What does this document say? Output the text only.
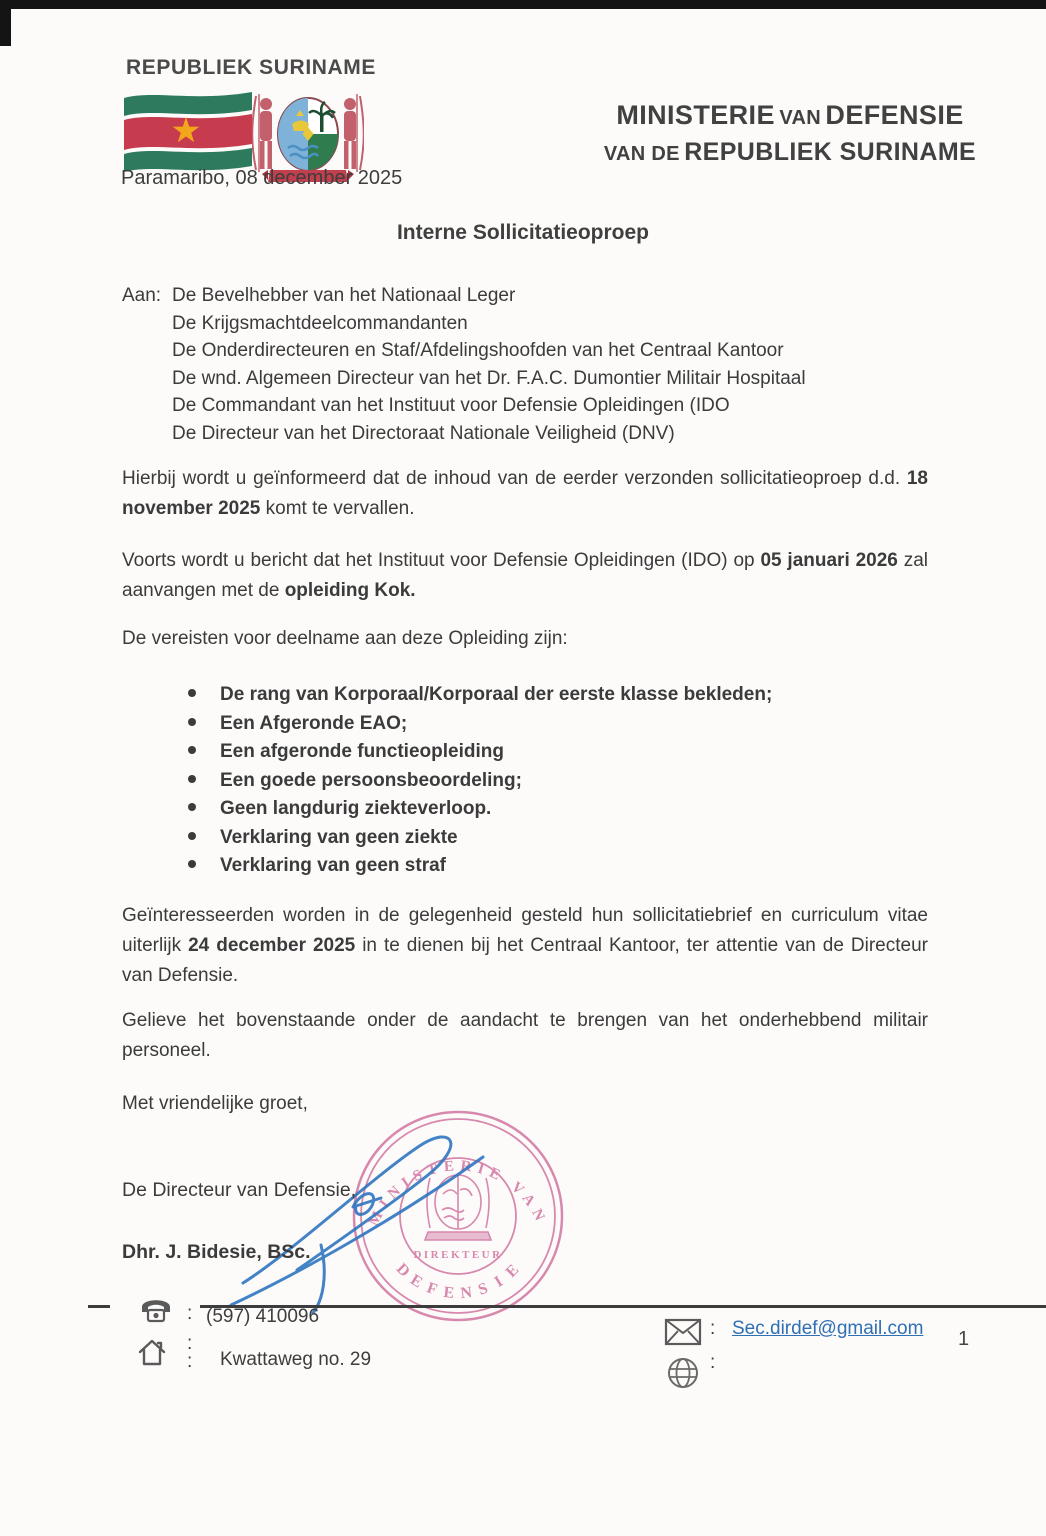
REPUBLIEK SURINAME
Paramaribo, 08 december 2025
MINISTERIE VAN DEFENSIE
VAN DE REPUBLIEK SURINAME
Interne Sollicitatieoproep
Aan: De Bevelhebber van het Nationaal Leger
De Krijgsmachtdeelcommandanten
De Onderdirecteuren en Staf/Afdelingshoofden van het Centraal Kantoor
De wnd. Algemeen Directeur van het Dr. F.A.C. Dumontier Militair Hospitaal
De Commandant van het Instituut voor Defensie Opleidingen (IDO
De Directeur van het Directoraat Nationale Veiligheid (DNV)
Hierbij wordt u geïnformeerd dat de inhoud van de eerder verzonden sollicitatieoproep d.d. 18 november 2025 komt te vervallen.
Voorts wordt u bericht dat het Instituut voor Defensie Opleidingen (IDO) op 05 januari 2026 zal aanvangen met de opleiding Kok.
De vereisten voor deelname aan deze Opleiding zijn:
De rang van Korporaal/Korporaal der eerste klasse bekleden;
Een Afgeronde EAO;
Een afgeronde functieopleiding
Een goede persoonsbeoordeling;
Geen langdurig ziekteverloop.
Verklaring van geen ziekte
Verklaring van geen straf
Geïnteresseerden worden in de gelegenheid gesteld hun sollicitatiebrief en curriculum vitae uiterlijk 24 december 2025 in te dienen bij het Centraal Kantoor, ter attentie van de Directeur van Defensie.
Gelieve het bovenstaande onder de aandacht te brengen van het onderhebbend militair personeel.
Met vriendelijke groet,
De Directeur van Defensie,
Dhr. J. Bidesie, BSc.
MINISTERIE VAN
D
E
F E N S I
E
DIREKTEUR
: (597) 410096
:
: Kwattaweg no. 29
: Sec.dirdef@gmail.com
:
1
